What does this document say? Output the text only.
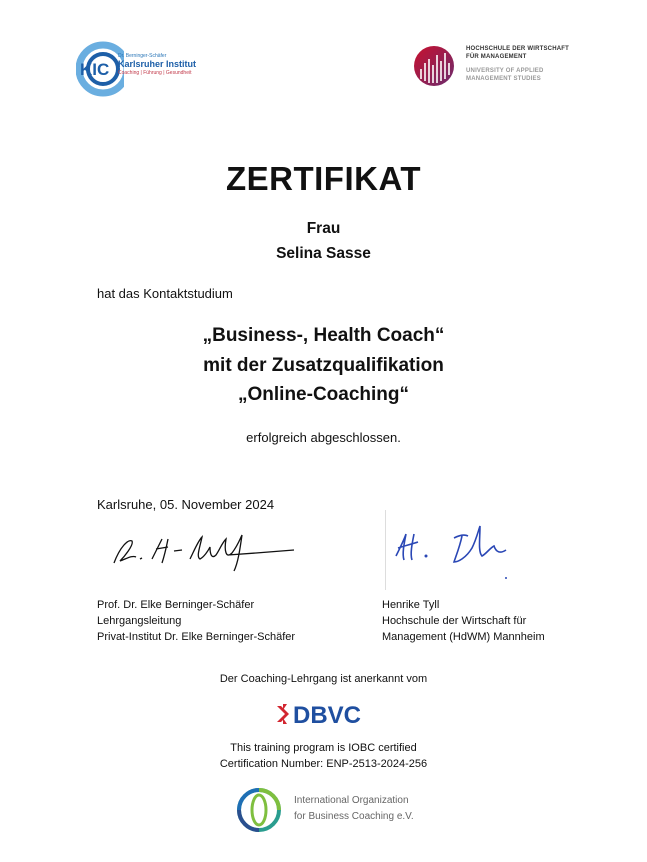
KIC
Dr. Berninger-Schäfer
Karlsruher Institut
Coaching | Führung | Gesundheit
HOCHSCHULE DER WIRTSCHAFT
FÜR MANAGEMENT
UNIVERSITY OF APPLIED
MANAGEMENT STUDIES
ZERTIFIKAT
Frau
Selina Sasse
hat das Kontaktstudium
„Business-, Health Coach“
mit der Zusatzqualifikation
„Online-Coaching“
erfolgreich abgeschlossen.
Karlsruhe, 05. November 2024
Prof. Dr. Elke Berninger-Schäfer
Lehrgangsleitung
Privat-Institut Dr. Elke Berninger-Schäfer
Henrike Tyll
Hochschule der Wirtschaft für
Management (HdWM) Mannheim
Der Coaching-Lehrgang ist anerkannt vom
DBVC
This training program is IOBC certified
Certification Number: ENP-2513-2024-256
International Organization
for Business Coaching e.V.
